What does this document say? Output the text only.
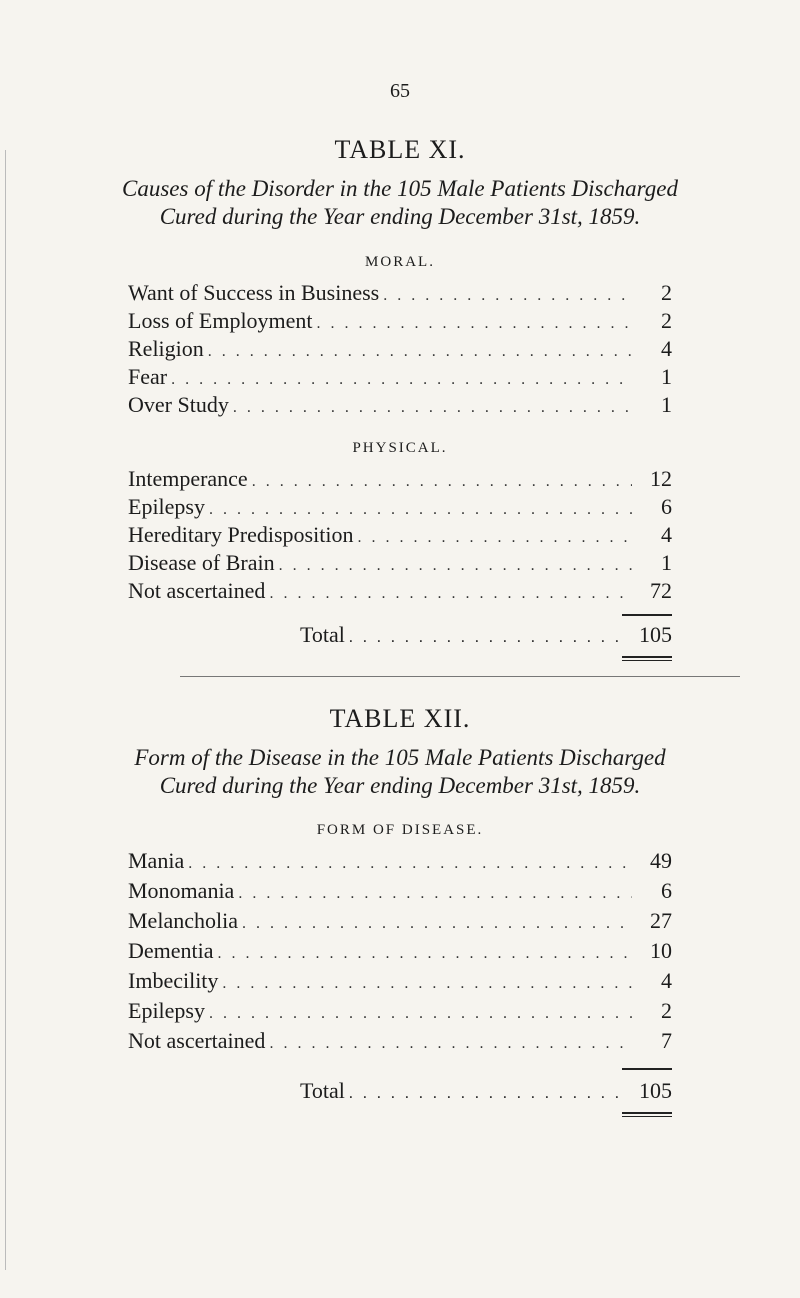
65
TABLE XI.
Causes of the Disorder in the 105 Male Patients Discharged
Cured during the Year ending December 31st, 1859.
MORAL.
Want of Success in Business . . .	2
Loss of Employment . . .	2
Religion . . .	4
Fear . . .	1
Over Study . . .	1
PHYSICAL.
Intemperance . . .	12
Epilepsy . . .	6
Hereditary Predisposition . . .	4
Disease of Brain . . .	1
Not ascertained . . .	72
Total . . .	105
TABLE XII.
Form of the Disease in the 105 Male Patients Discharged
Cured during the Year ending December 31st, 1859.
FORM OF DISEASE.
Mania . . .	49
Monomania . . .	6
Melancholia . . .	27
Dementia . . .	10
Imbecility . . .	4
Epilepsy . . .	2
Not ascertained . . .	7
Total . . .	105
